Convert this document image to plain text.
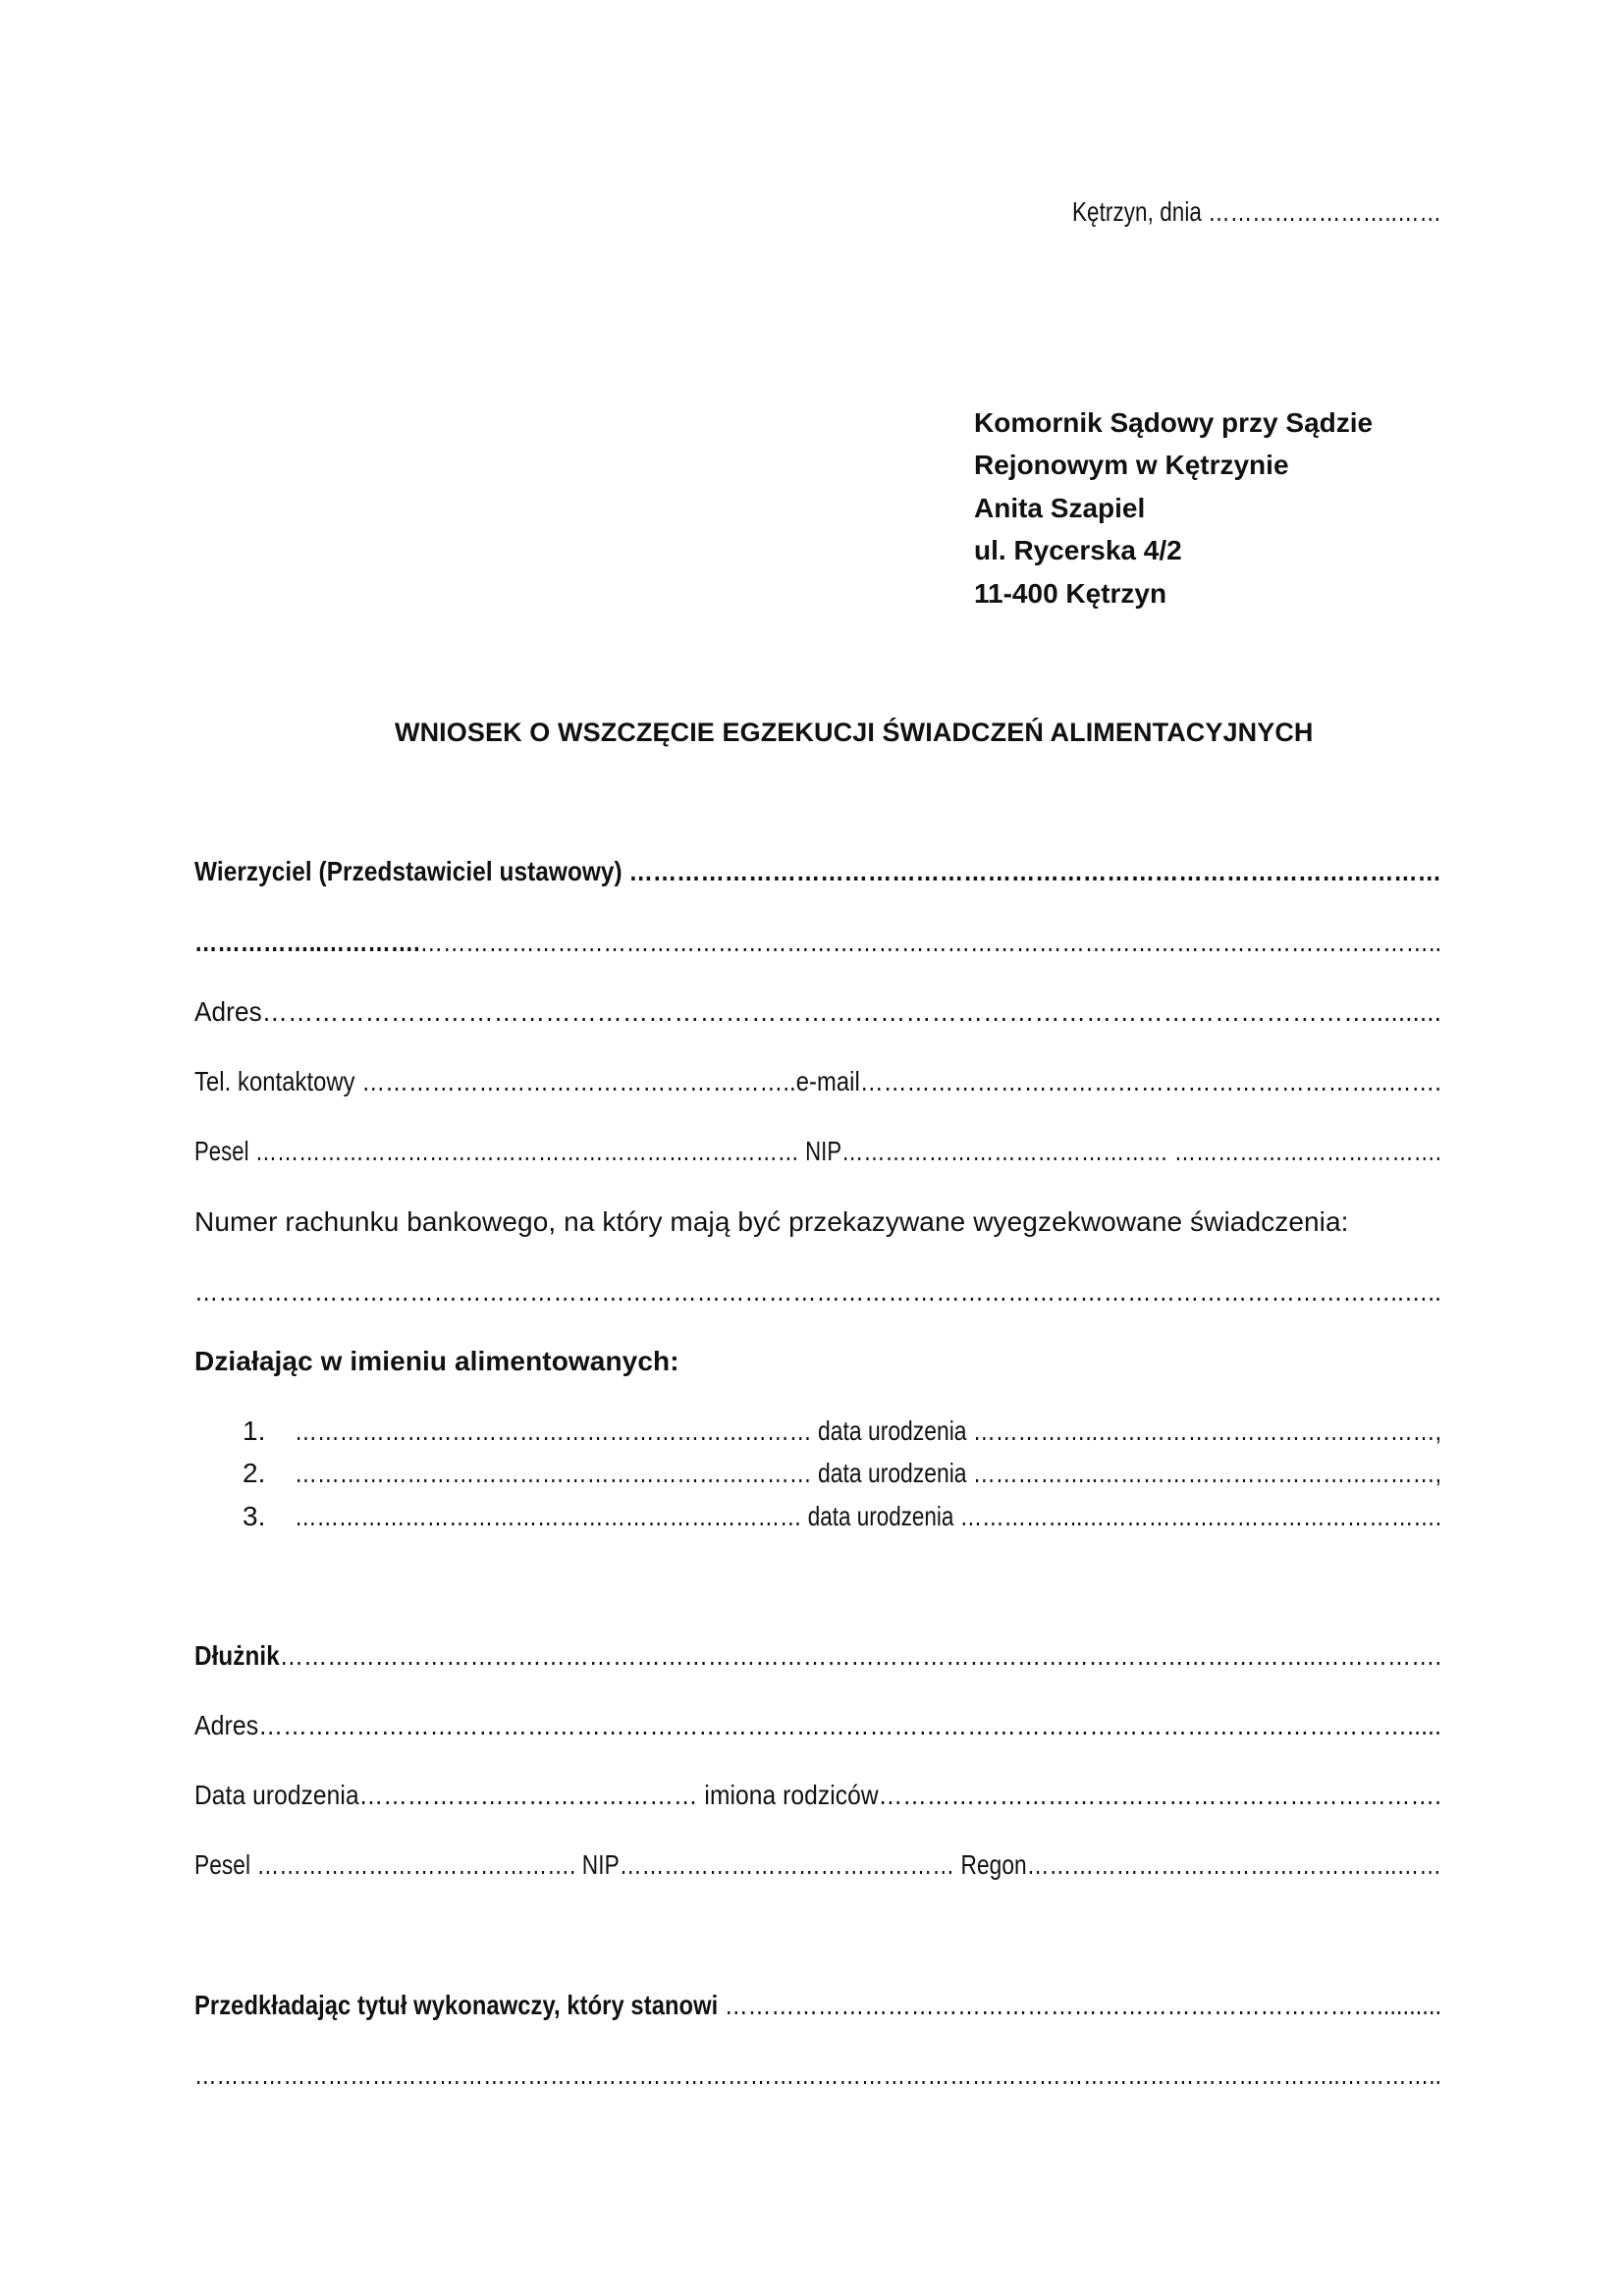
Kętrzyn, dnia ……………………..……
Komornik Sądowy przy Sądzie
Rejonowym w Kętrzynie
Anita Szapiel
ul. Rycerska 4/2
11-400 Kętrzyn
WNIOSEK O WSZCZĘCIE EGZEKUCJI ŚWIADCZEŃ ALIMENTACYJNYCH
Wierzyciel (Przedstawiciel ustawowy) …………………………………………………………………………………………
……………..………….……………………………………………………………………………………………………………………..
Adres…………………………………………………………………………………………………………………..........
Tel. kontaktowy ………………………………………………..e-mail…………………………………………………………..…….
Pesel ………………………………………………………………… NIP……………………………………… ……………………………….
Numer rachunku bankowego, na który mają być przekazywane wyegzekwowane świadczenia:
……………………………………………………………………………………………………………………………………..…..
Działając w imieniu alimentowanych:
1. …………………………………………………………… data urodzenia ……………..………………………………………,
2. …………………………………………………………… data urodzenia ……………..………………………………………,
3. …………………………………………………………… data urodzenia ……………..………………………………………….
Dłużnik…………………………………………………………………………………………………………………..…………….
Adres…………………………………………………………………………………………………………………………….....
Data urodzenia…………………………………… imiona rodziców…………………………………………………………….
Pesel ……………………………………. NIP……………………………………… Regon…………………………………………..……
Przedkładając tytuł wykonawczy, który stanowi …………………………………………………………………………..........
………………………………………………………………………………………………………………………………………..…………..
